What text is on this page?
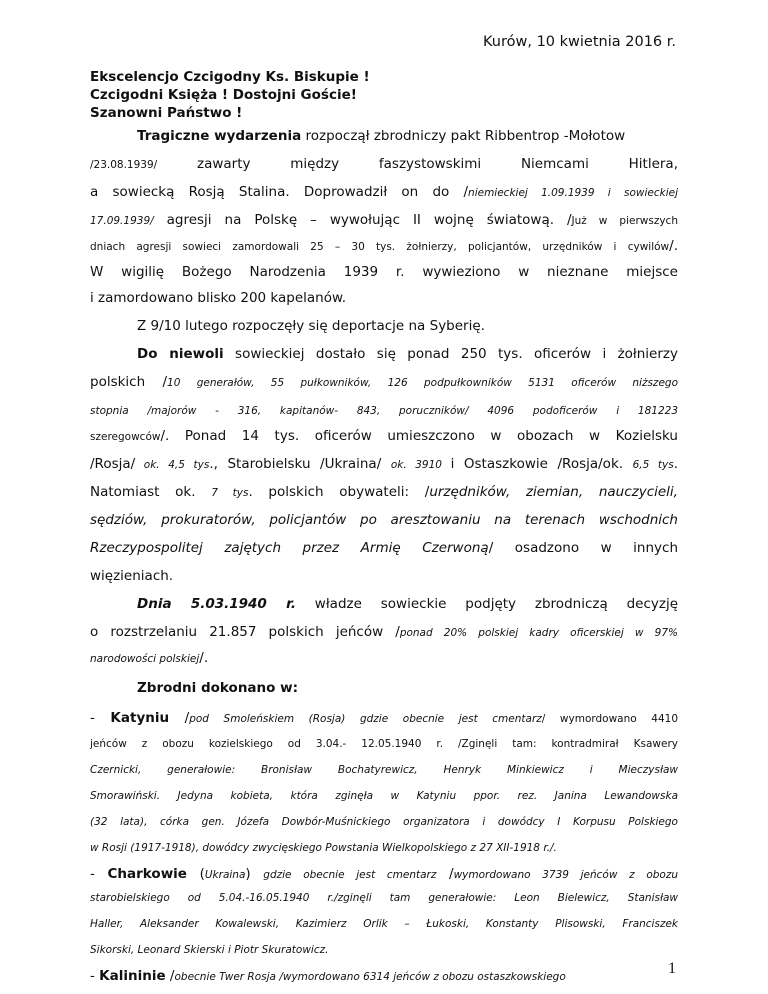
Kurów, 10 kwietnia 2016 r.
Ekscelencjo Czcigodny Ks. Biskupie !
Czcigodni Księża ! Dostojni Goście!
Szanowni Państwo !
Tragiczne wydarzenia rozpoczął zbrodniczy pakt Ribbentrop -Mołotow
/23.08.1939/ zawarty między faszystowskimi Niemcami Hitlera,
a sowiecką Rosją Stalina. Doprowadził on do /niemieckiej 1.09.1939 i sowieckiej
17.09.1939/ agresji na Polskę – wywołując II wojnę światową. /Już w pierwszych
dniach agresji sowieci zamordowali 25 – 30 tys. żołnierzy, policjantów, urzędników i cywilów/.
W wigilię Bożego Narodzenia 1939 r. wywieziono w nieznane miejsce
i zamordowano blisko 200 kapelanów.
Z 9/10 lutego rozpoczęły się deportacje na Syberię.
Do niewoli sowieckiej dostało się ponad 250 tys. oficerów i żołnierzy
polskich /10 generałów, 55 pułkowników, 126 podpułkowników 5131 oficerów niższego
stopnia /majorów - 316, kapitanów- 843, poruczników/ 4096 podoficerów i 181223
szeregowców/. Ponad 14 tys. oficerów umieszczono w obozach w Kozielsku
/Rosja/ ok. 4,5 tys., Starobielsku /Ukraina/ ok. 3910 i Ostaszkowie /Rosja/ok. 6,5 tys.
Natomiast ok. 7 tys. polskich obywateli: /urzędników, ziemian, nauczycieli,
sędziów, prokuratorów, policjantów po aresztowaniu na terenach wschodnich
Rzeczypospolitej zajętych przez Armię Czerwoną/ osadzono w innych
więzieniach.
Dnia 5.03.1940 r. władze sowieckie podjęty zbrodniczą decyzję
o rozstrzelaniu 21.857 polskich jeńców /ponad 20% polskiej kadry oficerskiej w 97%
narodowości polskiej/.
Zbrodni dokonano w:
- Katyniu /pod Smoleńskiem (Rosja) gdzie obecnie jest cmentarz/ wymordowano 4410
jeńców z obozu kozielskiego od 3.04.- 12.05.1940 r. /Zginęli tam: kontradmirał Ksawery
Czernicki, generałowie: Bronisław Bochatyrewicz, Henryk Minkiewicz i Mieczysław
Smorawiński. Jedyna kobieta, która zginęła w Katyniu ppor. rez. Janina Lewandowska
(32 lata), córka gen. Józefa Dowbór-Muśnickiego organizatora i dowódcy I Korpusu Polskiego
w Rosji (1917-1918), dowódcy zwycięskiego Powstania Wielkopolskiego z 27 XII-1918 r./.
- Charkowie (Ukraina) gdzie obecnie jest cmentarz /wymordowano 3739 jeńców z obozu
starobielskiego od 5.04.-16.05.1940 r./zginęli tam generałowie: Leon Bielewicz, Stanisław
Haller, Aleksander Kowalewski, Kazimierz Orlik – Łukoski, Konstanty Plisowski, Franciszek
Sikorski, Leonard Skierski i Piotr Skuratowicz.
- Kalininie /obecnie Twer Rosja /wymordowano 6314 jeńców z obozu ostaszkowskiego	1
